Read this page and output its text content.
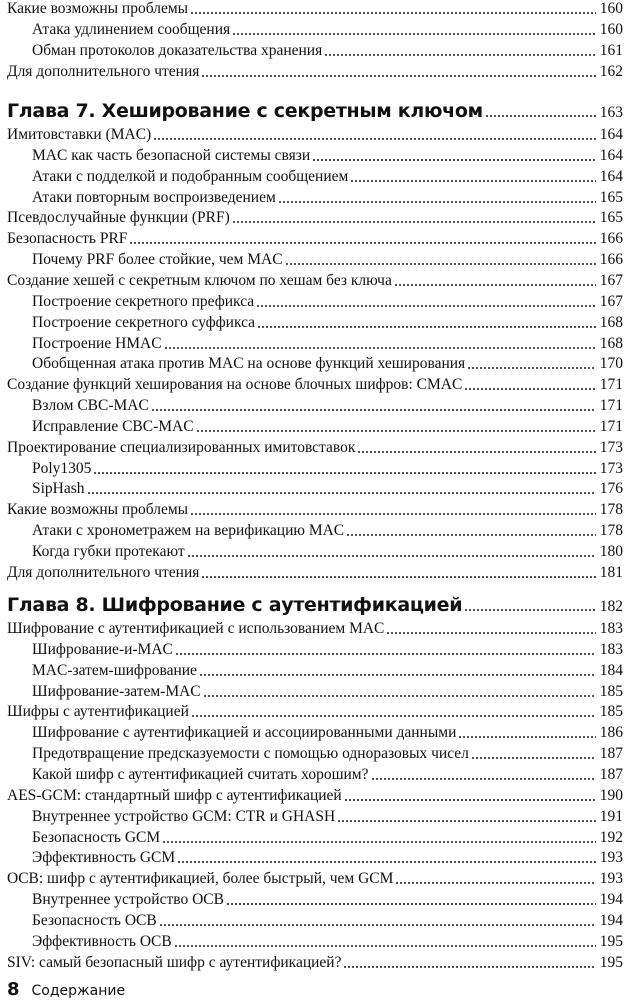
Какие возможны проблемы	160
Атака удлинением сообщения	160
Обман протоколов доказательства хранения	161
Для дополнительного чтения	162
Глава 7. Хеширование с секретным ключом	163
Имитовставки (MAC)	164
MAC как часть безопасной системы связи	164
Атаки с подделкой и подобранным сообщением	164
Атаки повторным воспроизведением	165
Псевдослучайные функции (PRF)	165
Безопасность PRF	166
Почему PRF более стойкие, чем MAC	166
Создание хешей с секретным ключом по хешам без ключа	167
Построение секретного префикса	167
Построение секретного суффикса	168
Построение HMAC	168
Обобщенная атака против MAC на основе функций хеширования	170
Создание функций хеширования на основе блочных шифров: CMAC	171
Взлом CBC-MAC	171
Исправление CBC-MAC	171
Проектирование специализированных имитовставок	173
Poly1305	173
SipHash	176
Какие возможны проблемы	178
Атаки с хронометражем на верификацию MAC	178
Когда губки протекают	180
Для дополнительного чтения	181
Глава 8. Шифрование с аутентификацией	182
Шифрование с аутентификацией с использованием MAC	183
Шифрование-и-MAC	183
MAC-затем-шифрование	184
Шифрование-затем-MAC	185
Шифры с аутентификацией	185
Шифрование с аутентификацией и ассоциированными данными	186
Предотвращение предсказуемости с помощью одноразовых чисел	187
Какой шифр с аутентификацией считать хорошим?	187
AES-GCM: стандартный шифр с аутентификацией	190
Внутреннее устройство GCM: CTR и GHASH	191
Безопасность GCM	192
Эффективность GCM	193
OCB: шифр с аутентификацией, более быстрый, чем GCM	193
Внутреннее устройство OCB	194
Безопасность OCB	194
Эффективность OCB	195
SIV: самый безопасный шифр с аутентификацией?	195
8 Содержание
